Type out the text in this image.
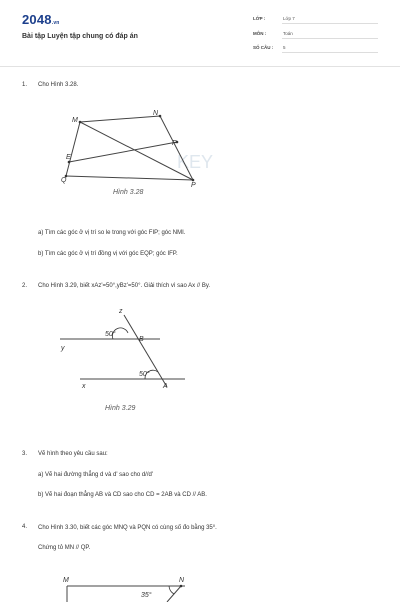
2048.vn
Bài tập Luyện tập chung có đáp án
LỚP :	Lớp 7
MÔN :	Toán
SỐ CÂU : 5
1. Cho Hình 3.28.
KEY
M
N
F
E
Q
P
Hình 3.28
a) Tìm các góc ở vị trí so le trong với góc FIP; góc NMI.
b) Tìm các góc ở vị trí đồng vị với góc EQP; góc IFP.
2. Cho Hình 3.29, biết xAz'=50°,yBz'=50°. Giải thích vì sao Ax // By.
z
B
y
x	A
50°
50°
Hình 3.29
3. Vẽ hình theo yêu cầu sau:
a) Vẽ hai đường thẳng d và d' sao cho d//d'
b) Vẽ hai đoạn thẳng AB và CD sao cho CD = 2AB và CD // AB.
4. Cho Hình 3.30, biết các góc MNQ và PQN có cùng số đo bằng 35⁰.
Chứng tỏ MN // QP.
M	N
35°
